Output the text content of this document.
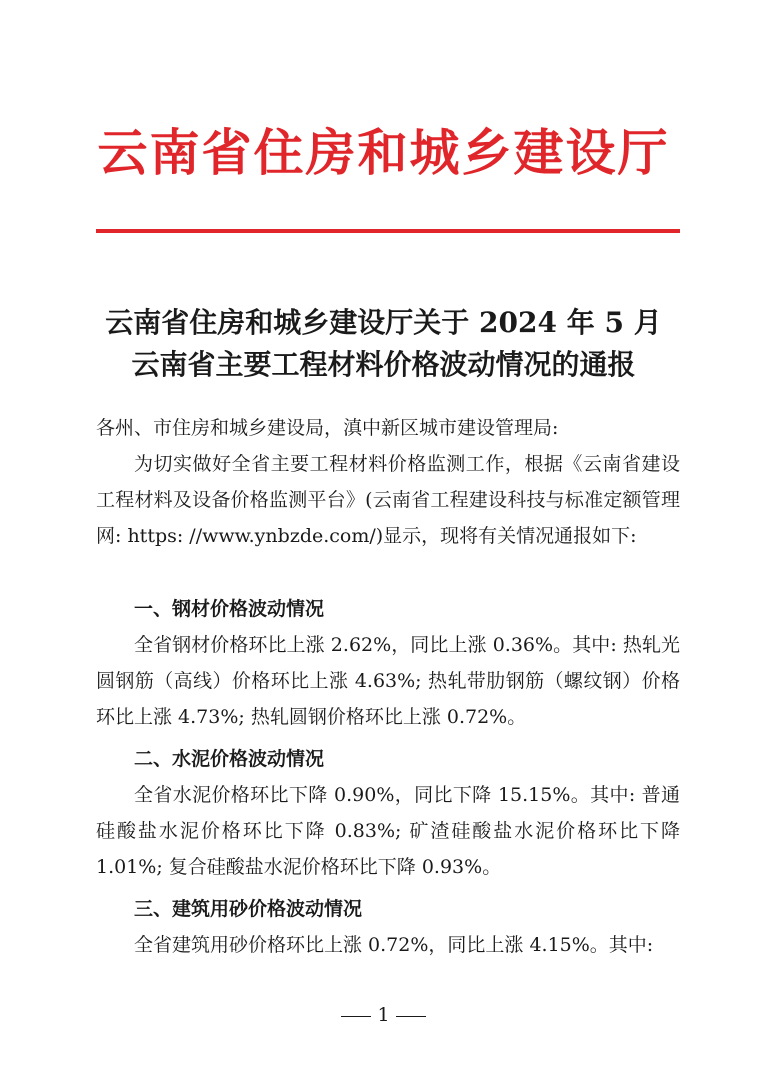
云南省住房和城乡建设厅
云南省住房和城乡建设厅关于 2024 年 5 月
云南省主要工程材料价格波动情况的通报
各州、市住房和城乡建设局，滇中新区城市建设管理局:
为切实做好全省主要工程材料价格监测工作，根据《云南省建设工程材料及设备价格监测平台》(云南省工程建设科技与标准定额管理网: https: //www.ynbzde.com/)显示，现将有关情况通报如下:
一、钢材价格波动情况
全省钢材价格环比上涨 2.62%，同比上涨 0.36%。其中: 热轧光圆钢筋（高线）价格环比上涨 4.63%; 热轧带肋钢筋（螺纹钢）价格环比上涨 4.73%; 热轧圆钢价格环比上涨 0.72%。
二、水泥价格波动情况
全省水泥价格环比下降 0.90%，同比下降 15.15%。其中: 普通硅酸盐水泥价格环比下降 0.83%; 矿渣硅酸盐水泥价格环比下降 1.01%; 复合硅酸盐水泥价格环比下降 0.93%。
三、建筑用砂价格波动情况
全省建筑用砂价格环比上涨 0.72%，同比上涨 4.15%。其中:
1
